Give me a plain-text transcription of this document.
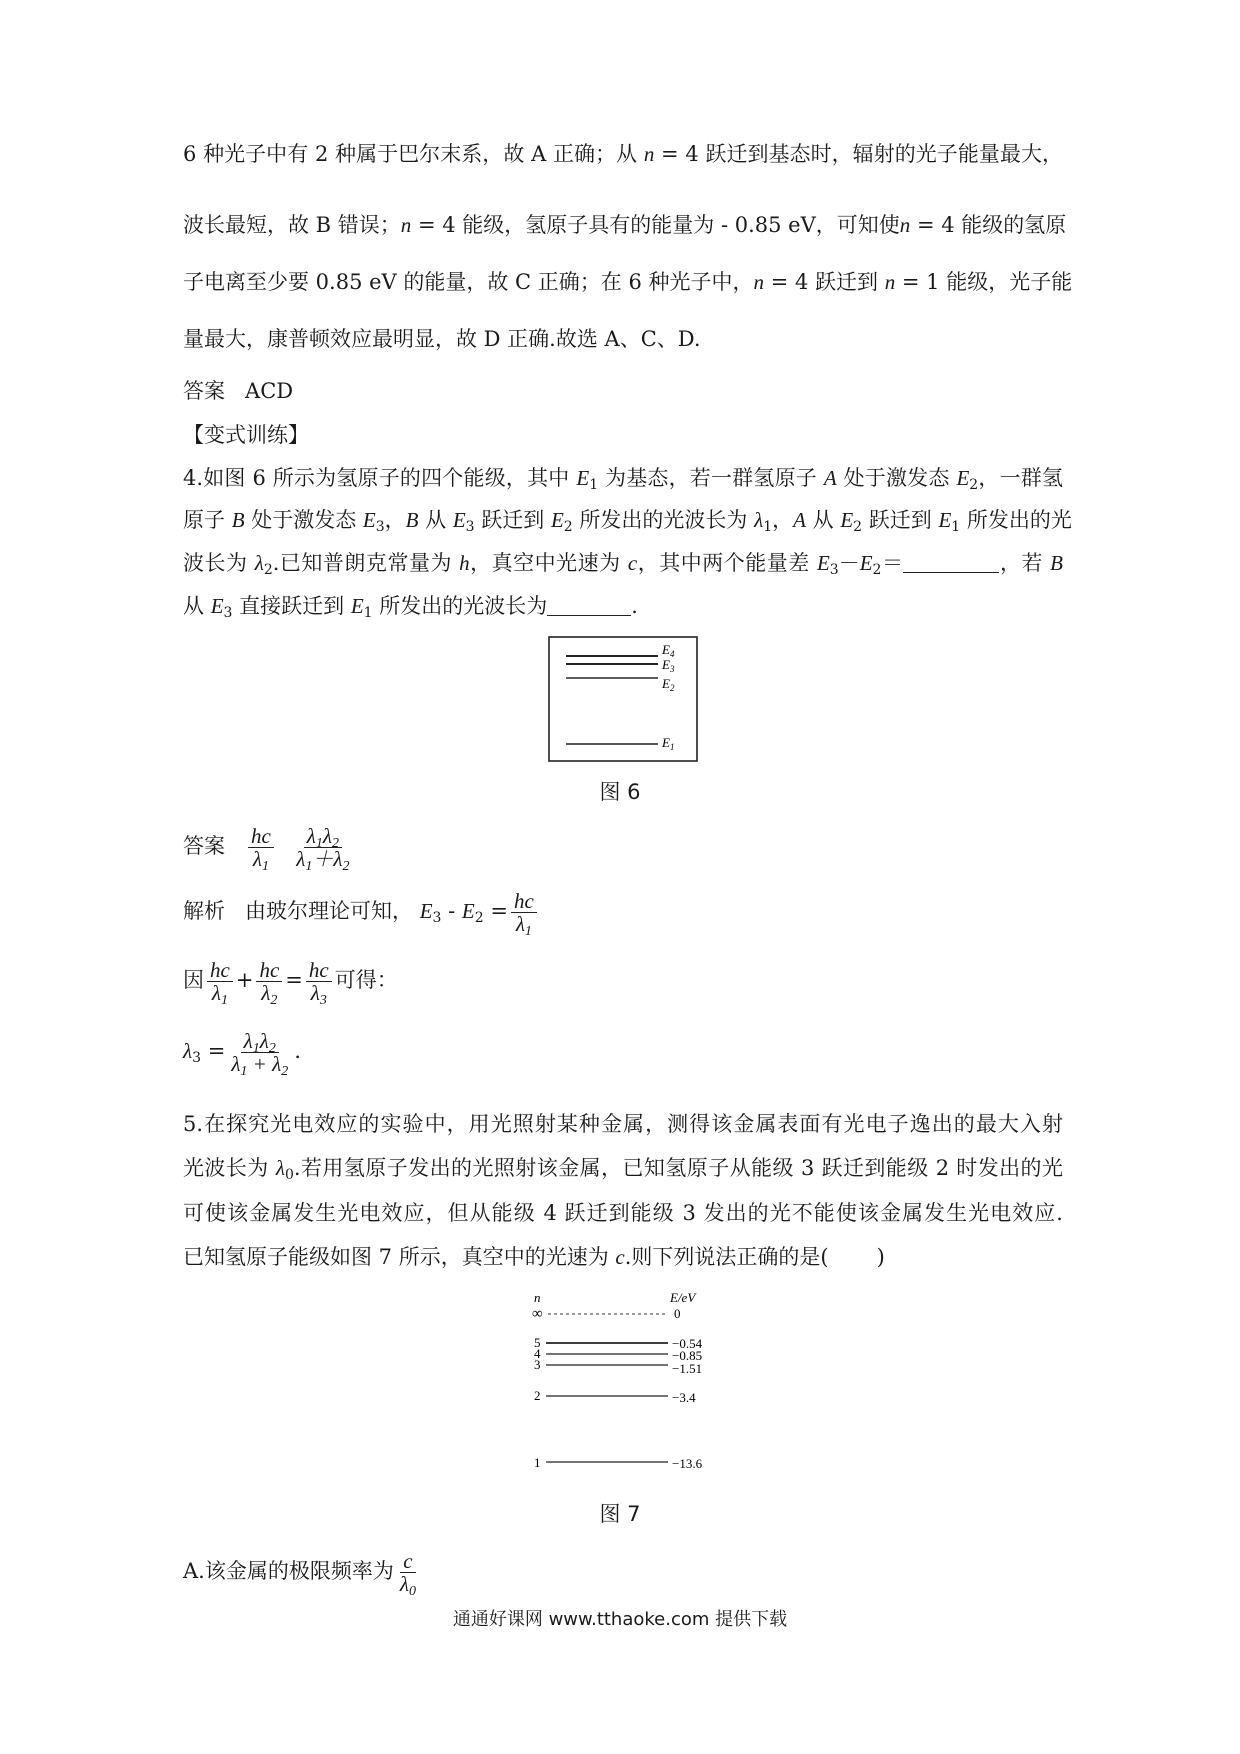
6 种光子中有 2 种属于巴尔末系，故 A 正确；从 n = 4 跃迁到基态时，辐射的光子能量最大，
波长最短，故 B 错误；n = 4 能级，氢原子具有的能量为 - 0.85 eV，可知使n = 4 能级的氢原
子电离至少要 0.85 eV 的能量，故 C 正确；在 6 种光子中，n = 4 跃迁到 n = 1 能级，光子能
量最大，康普顿效应最明显，故 D 正确.故选 A、C、D.
答案 ACD
【变式训练】
4.如图 6 所示为氢原子的四个能级，其中 $E_1$ 为基态，若一群氢原子 A 处于激发态 $E_2$，一群氢
原子 B 处于激发态 $E_3$，B 从 $E_3$ 跃迁到 $E_2$ 所发出的光波长为 $\lambda_1$，A 从 $E_2$ 跃迁到 $E_1$ 所发出的光
波长为 $\lambda_2$.已知普朗克常量为 h，真空中光速为 c，其中两个能量差 $E_3-E_2=$	，若 B
从 $E_3$ 直接跃迁到 $E_1$ 所发出的光波长为	.
$E_4$
$E_3$
$E_2$
$E_1$
图 6
答案 $\frac{hc}{\lambda_1}$
$\frac{\lambda_1\lambda_2}{\lambda_1+\lambda_2}$
解析 由玻尔理论可知， $E_3 - E_2 = \frac{hc}{\lambda_1}$
因 $\frac{hc}{\lambda_1} + \frac{hc}{\lambda_2} = \frac{hc}{\lambda_3}$ 可得：
$\lambda_3 = \frac{\lambda_1\lambda_2}{\lambda_1 + \lambda_2}$ .
5.在探究光电效应的实验中，用光照射某种金属，测得该金属表面有光电子逸出的最大入射
光波长为 $\lambda_0$.若用氢原子发出的光照射该金属，已知氢原子从能级 3 跃迁到能级 2 时发出的光
可使该金属发生光电效应，但从能级 4 跃迁到能级 3 发出的光不能使该金属发生光电效应.
已知氢原子能级如图 7 所示，真空中的光速为 c.则下列说法正确的是( )
n	E/eV
∞	0
5	−0.54
4	−0.85
3	−1.51
2	−3.4
1	−13.6
图 7
A.该金属的极限频率为 $\frac{c}{\lambda_0}$
通通好课网 www.tthaoke.com 提供下载
